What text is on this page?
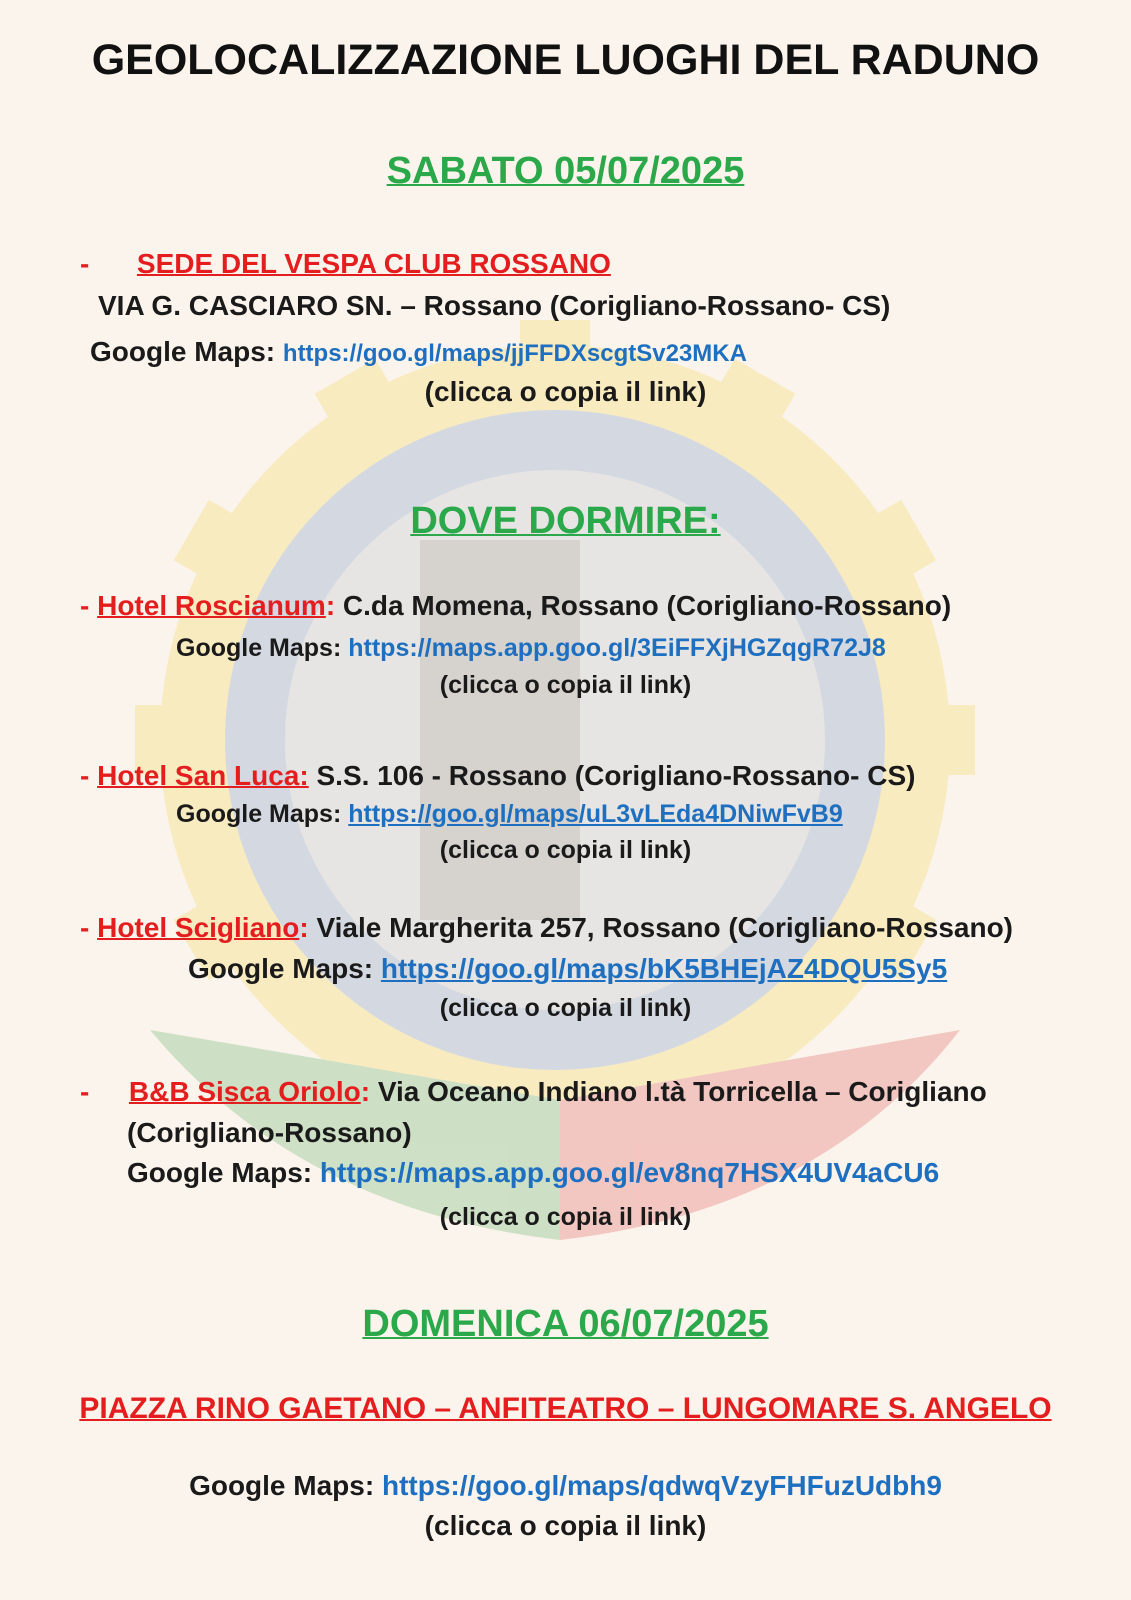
GEOLOCALIZZAZIONE LUOGHI DEL RADUNO
SABATO 05/07/2025
- SEDE DEL VESPA CLUB ROSSANO
VIA G. CASCIARO SN. – Rossano (Corigliano-Rossano- CS)
Google Maps: https://goo.gl/maps/jjFFDXscgtSv23MKA
(clicca o copia il link)
DOVE DORMIRE:
- Hotel Roscianum: C.da Momena, Rossano (Corigliano-Rossano)
Google Maps: https://maps.app.goo.gl/3EiFFXjHGZqgR72J8
(clicca o copia il link)
- Hotel San Luca: S.S. 106 - Rossano (Corigliano-Rossano- CS)
Google Maps: https://goo.gl/maps/uL3vLEda4DNiwFvB9
(clicca o copia il link)
- Hotel Scigliano: Viale Margherita 257, Rossano (Corigliano-Rossano)
Google Maps: https://goo.gl/maps/bK5BHEjAZ4DQU5Sy5
(clicca o copia il link)
- B&B Sisca Oriolo: Via Oceano Indiano l.tà Torricella – Corigliano
(Corigliano-Rossano)
Google Maps: https://maps.app.goo.gl/ev8nq7HSX4UV4aCU6
(clicca o copia il link)
DOMENICA 06/07/2025
PIAZZA RINO GAETANO – ANFITEATRO – LUNGOMARE S. ANGELO
Google Maps: https://goo.gl/maps/qdwqVzyFHFuzUdbh9
(clicca o copia il link)
